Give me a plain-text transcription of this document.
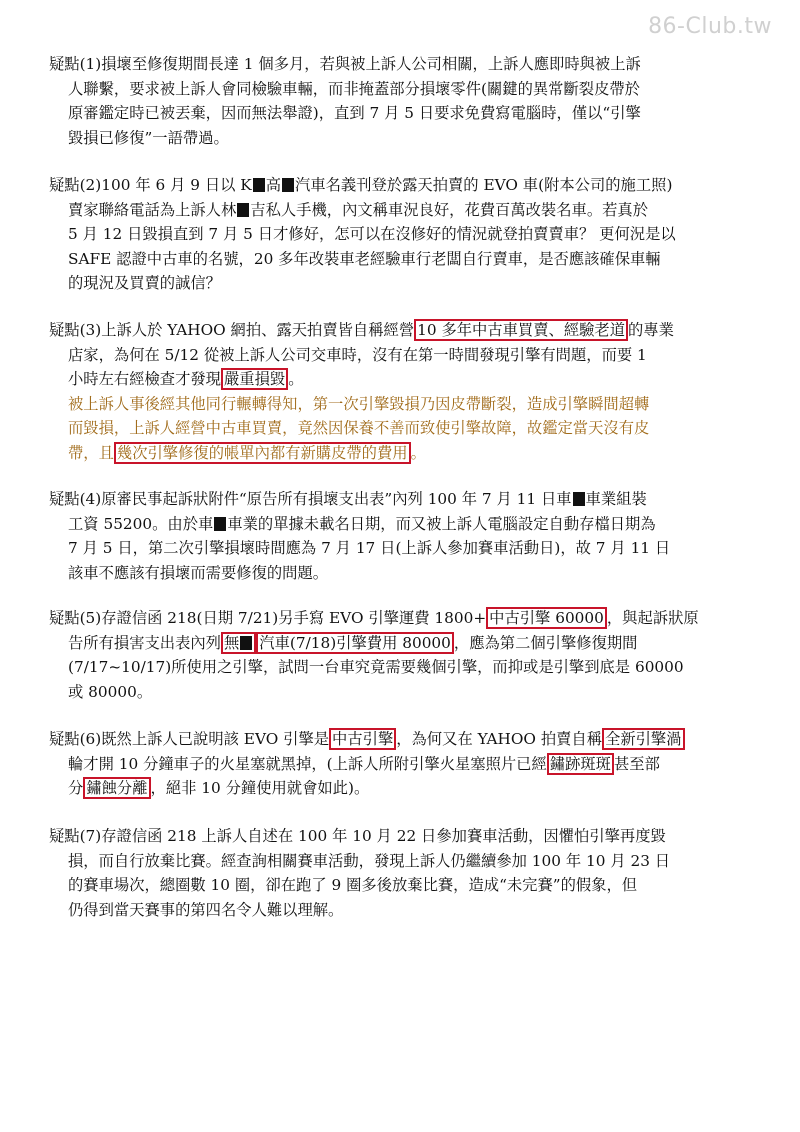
86-Club.tw
疑點(1)損壞至修復期間長達 1 個多月，若與被上訴人公司相關，上訴人應即時與被上訴
人聯繫，要求被上訴人會同檢驗車輛，而非掩蓋部分損壞零件(關鍵的異常斷裂皮帶於
原審鑑定時已被丟棄，因而無法舉證)，直到 7 月 5 日要求免費寫電腦時，僅以“引擎
毀損已修復”一語帶過。
疑點(2)100 年 6 月 9 日以 K 高 汽車名義刊登於露天拍賣的 EVO 車(附本公司的施工照)
賣家聯絡電話為上訴人林 吉私人手機，內文稱車況良好，花費百萬改裝名車。若真於
5 月 12 日毀損直到 7 月 5 日才修好，怎可以在沒修好的情況就登拍賣賣車？ 更何況是以
SAFE 認證中古車的名號，20 多年改裝車老經驗車行老闆自行賣車，是否應該確保車輛
的現況及買賣的誠信？
疑點(3)上訴人於 YAHOO 網拍、露天拍賣皆自稱經營 10 多年中古車買賣、經驗老道 的專業
店家，為何在 5/12 從被上訴人公司交車時，沒有在第一時間發現引擎有問題，而要 1
小時左右經檢查才發現 嚴重損毀 。
被上訴人事後經其他同行輾轉得知，第一次引擎毀損乃因皮帶斷裂，造成引擎瞬間超轉
而毀損，上訴人經營中古車買賣，竟然因保養不善而致使引擎故障，故鑑定當天沒有皮
帶，且 幾次引擎修復的帳單內都有新購皮帶的費用 。
疑點(4)原審民事起訴狀附件“原告所有損壞支出表”內列 100 年 7 月 11 日車 車業組裝
工資 55200。由於車 車業的單據未載名日期，而又被上訴人電腦設定自動存檔日期為
7 月 5 日，第二次引擎損壞時間應為 7 月 17 日(上訴人參加賽車活動日)，故 7 月 11 日
該車不應該有損壞而需要修復的問題。
疑點(5)存證信函 218(日期 7/21)另手寫 EVO 引擎運費 1800+ 中古引擎 60000 ，與起訴狀原
告所有損害支出表內列 無 汽車(7/18)引擎費用 80000 ，應為第二個引擎修復期間
(7/17~10/17)所使用之引擎，試問一台車究竟需要幾個引擎，而抑或是引擎到底是 60000
或 80000。
疑點(6)既然上訴人已說明該 EVO 引擎是 中古引擎 ，為何又在 YAHOO 拍賣自稱 全新引擎渦
輪才開 10 分鐘車子的火星塞就黑掉，(上訴人所附引擎火星塞照片已經 鏽跡斑斑 甚至部
分 鏽蝕分離 ，絕非 10 分鐘使用就會如此)。
疑點(7)存證信函 218 上訴人自述在 100 年 10 月 22 日參加賽車活動，因懼怕引擎再度毀
損，而自行放棄比賽。經查詢相關賽車活動，發現上訴人仍繼續參加 100 年 10 月 23 日
的賽車場次，總圈數 10 圈，卻在跑了 9 圈多後放棄比賽，造成“未完賽”的假象，但
仍得到當天賽事的第四名令人難以理解。
